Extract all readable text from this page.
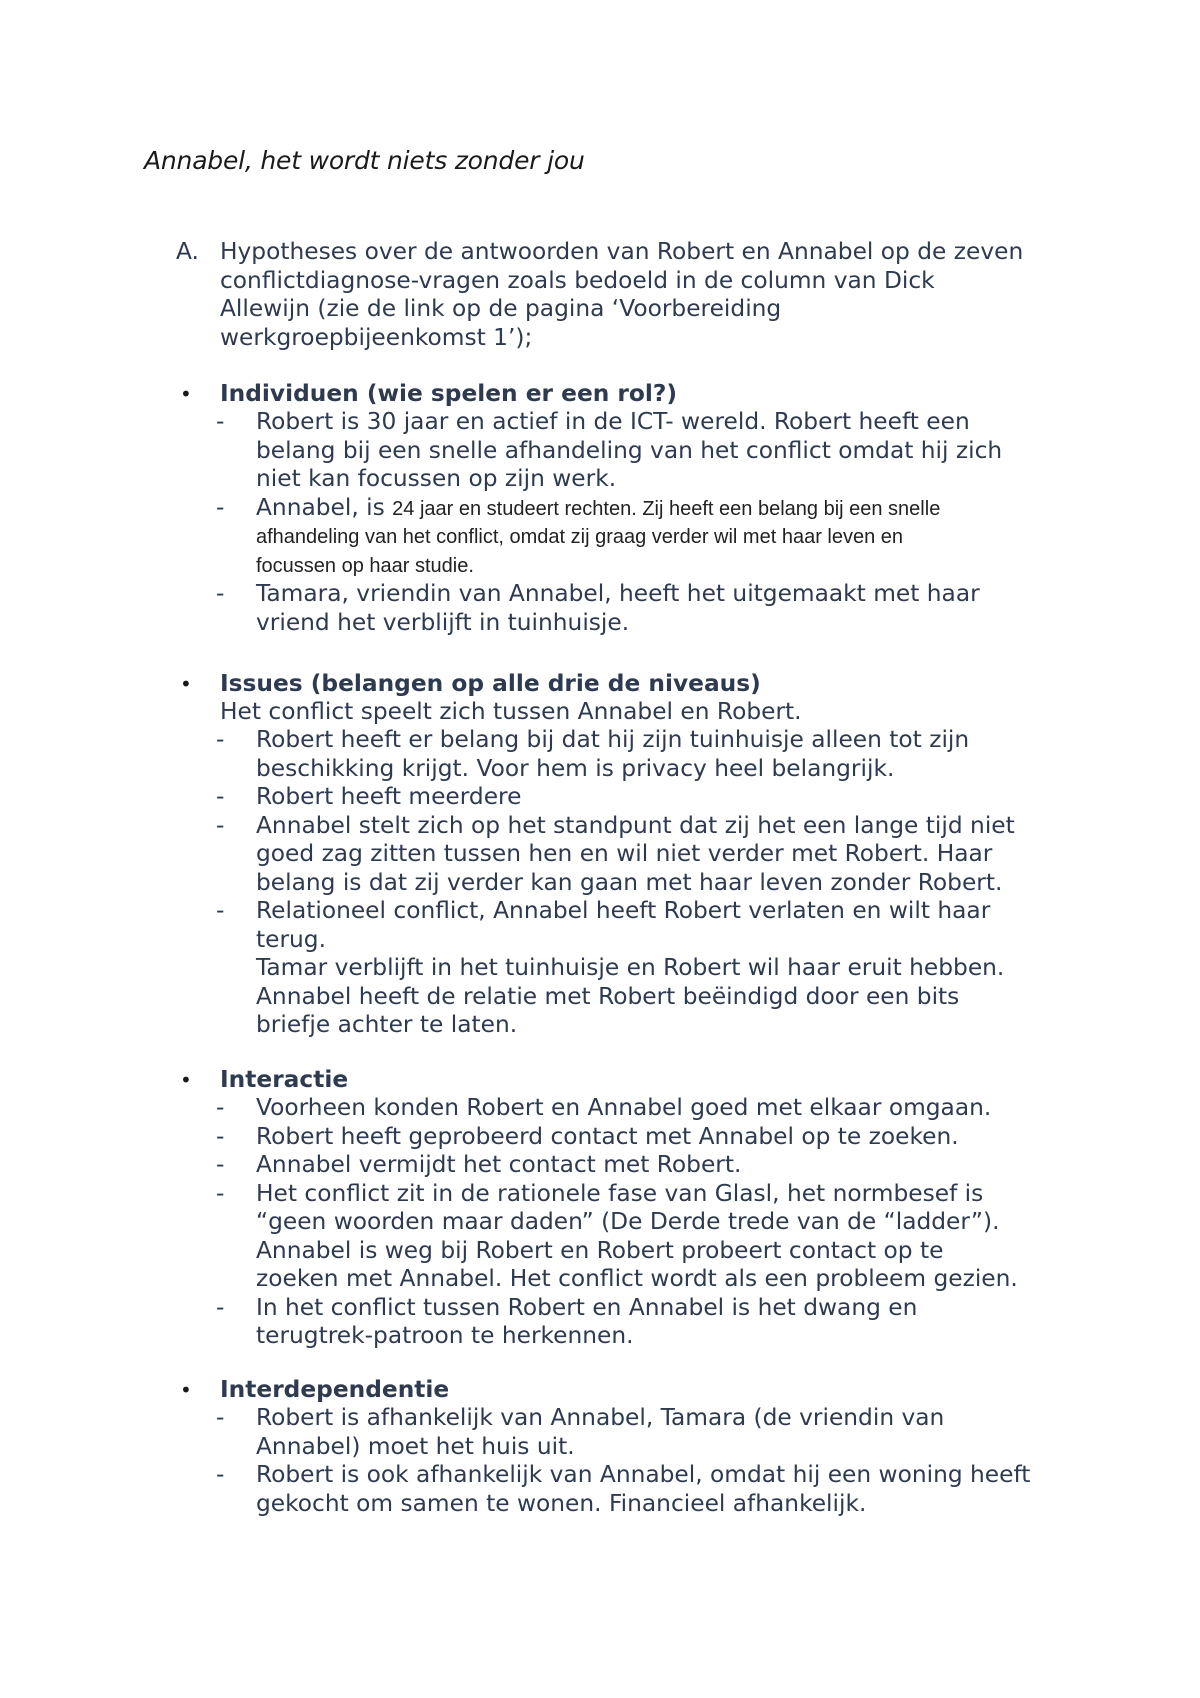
Annabel, het wordt niets zonder jou
A. Hypotheses over de antwoorden van Robert en Annabel op de zeven
conflictdiagnose-vragen zoals bedoeld in de column van Dick
Allewijn (zie de link op de pagina ‘Voorbereiding
werkgroepbijeenkomst 1’);
• Individuen (wie spelen er een rol?)
- Robert is 30 jaar en actief in de ICT- wereld. Robert heeft een
belang bij een snelle afhandeling van het conflict omdat hij zich
niet kan focussen op zijn werk.
- Annabel, is 24 jaar en studeert rechten. Zij heeft een belang bij een snelle
afhandeling van het conflict, omdat zij graag verder wil met haar leven en
focussen op haar studie.
- Tamara, vriendin van Annabel, heeft het uitgemaakt met haar
vriend het verblijft in tuinhuisje.
• Issues (belangen op alle drie de niveaus)
Het conflict speelt zich tussen Annabel en Robert.
- Robert heeft er belang bij dat hij zijn tuinhuisje alleen tot zijn
beschikking krijgt. Voor hem is privacy heel belangrijk.
- Robert heeft meerdere
- Annabel stelt zich op het standpunt dat zij het een lange tijd niet
goed zag zitten tussen hen en wil niet verder met Robert. Haar
belang is dat zij verder kan gaan met haar leven zonder Robert.
- Relationeel conflict, Annabel heeft Robert verlaten en wilt haar
terug.
Tamar verblijft in het tuinhuisje en Robert wil haar eruit hebben.
Annabel heeft de relatie met Robert beëindigd door een bits
briefje achter te laten.
• Interactie
- Voorheen konden Robert en Annabel goed met elkaar omgaan.
- Robert heeft geprobeerd contact met Annabel op te zoeken.
- Annabel vermijdt het contact met Robert.
- Het conflict zit in de rationele fase van Glasl, het normbesef is
“geen woorden maar daden” (De Derde trede van de “ladder”).
Annabel is weg bij Robert en Robert probeert contact op te
zoeken met Annabel. Het conflict wordt als een probleem gezien.
- In het conflict tussen Robert en Annabel is het dwang en
terugtrek-patroon te herkennen.
• Interdependentie
- Robert is afhankelijk van Annabel, Tamara (de vriendin van
Annabel) moet het huis uit.
- Robert is ook afhankelijk van Annabel, omdat hij een woning heeft
gekocht om samen te wonen. Financieel afhankelijk.
